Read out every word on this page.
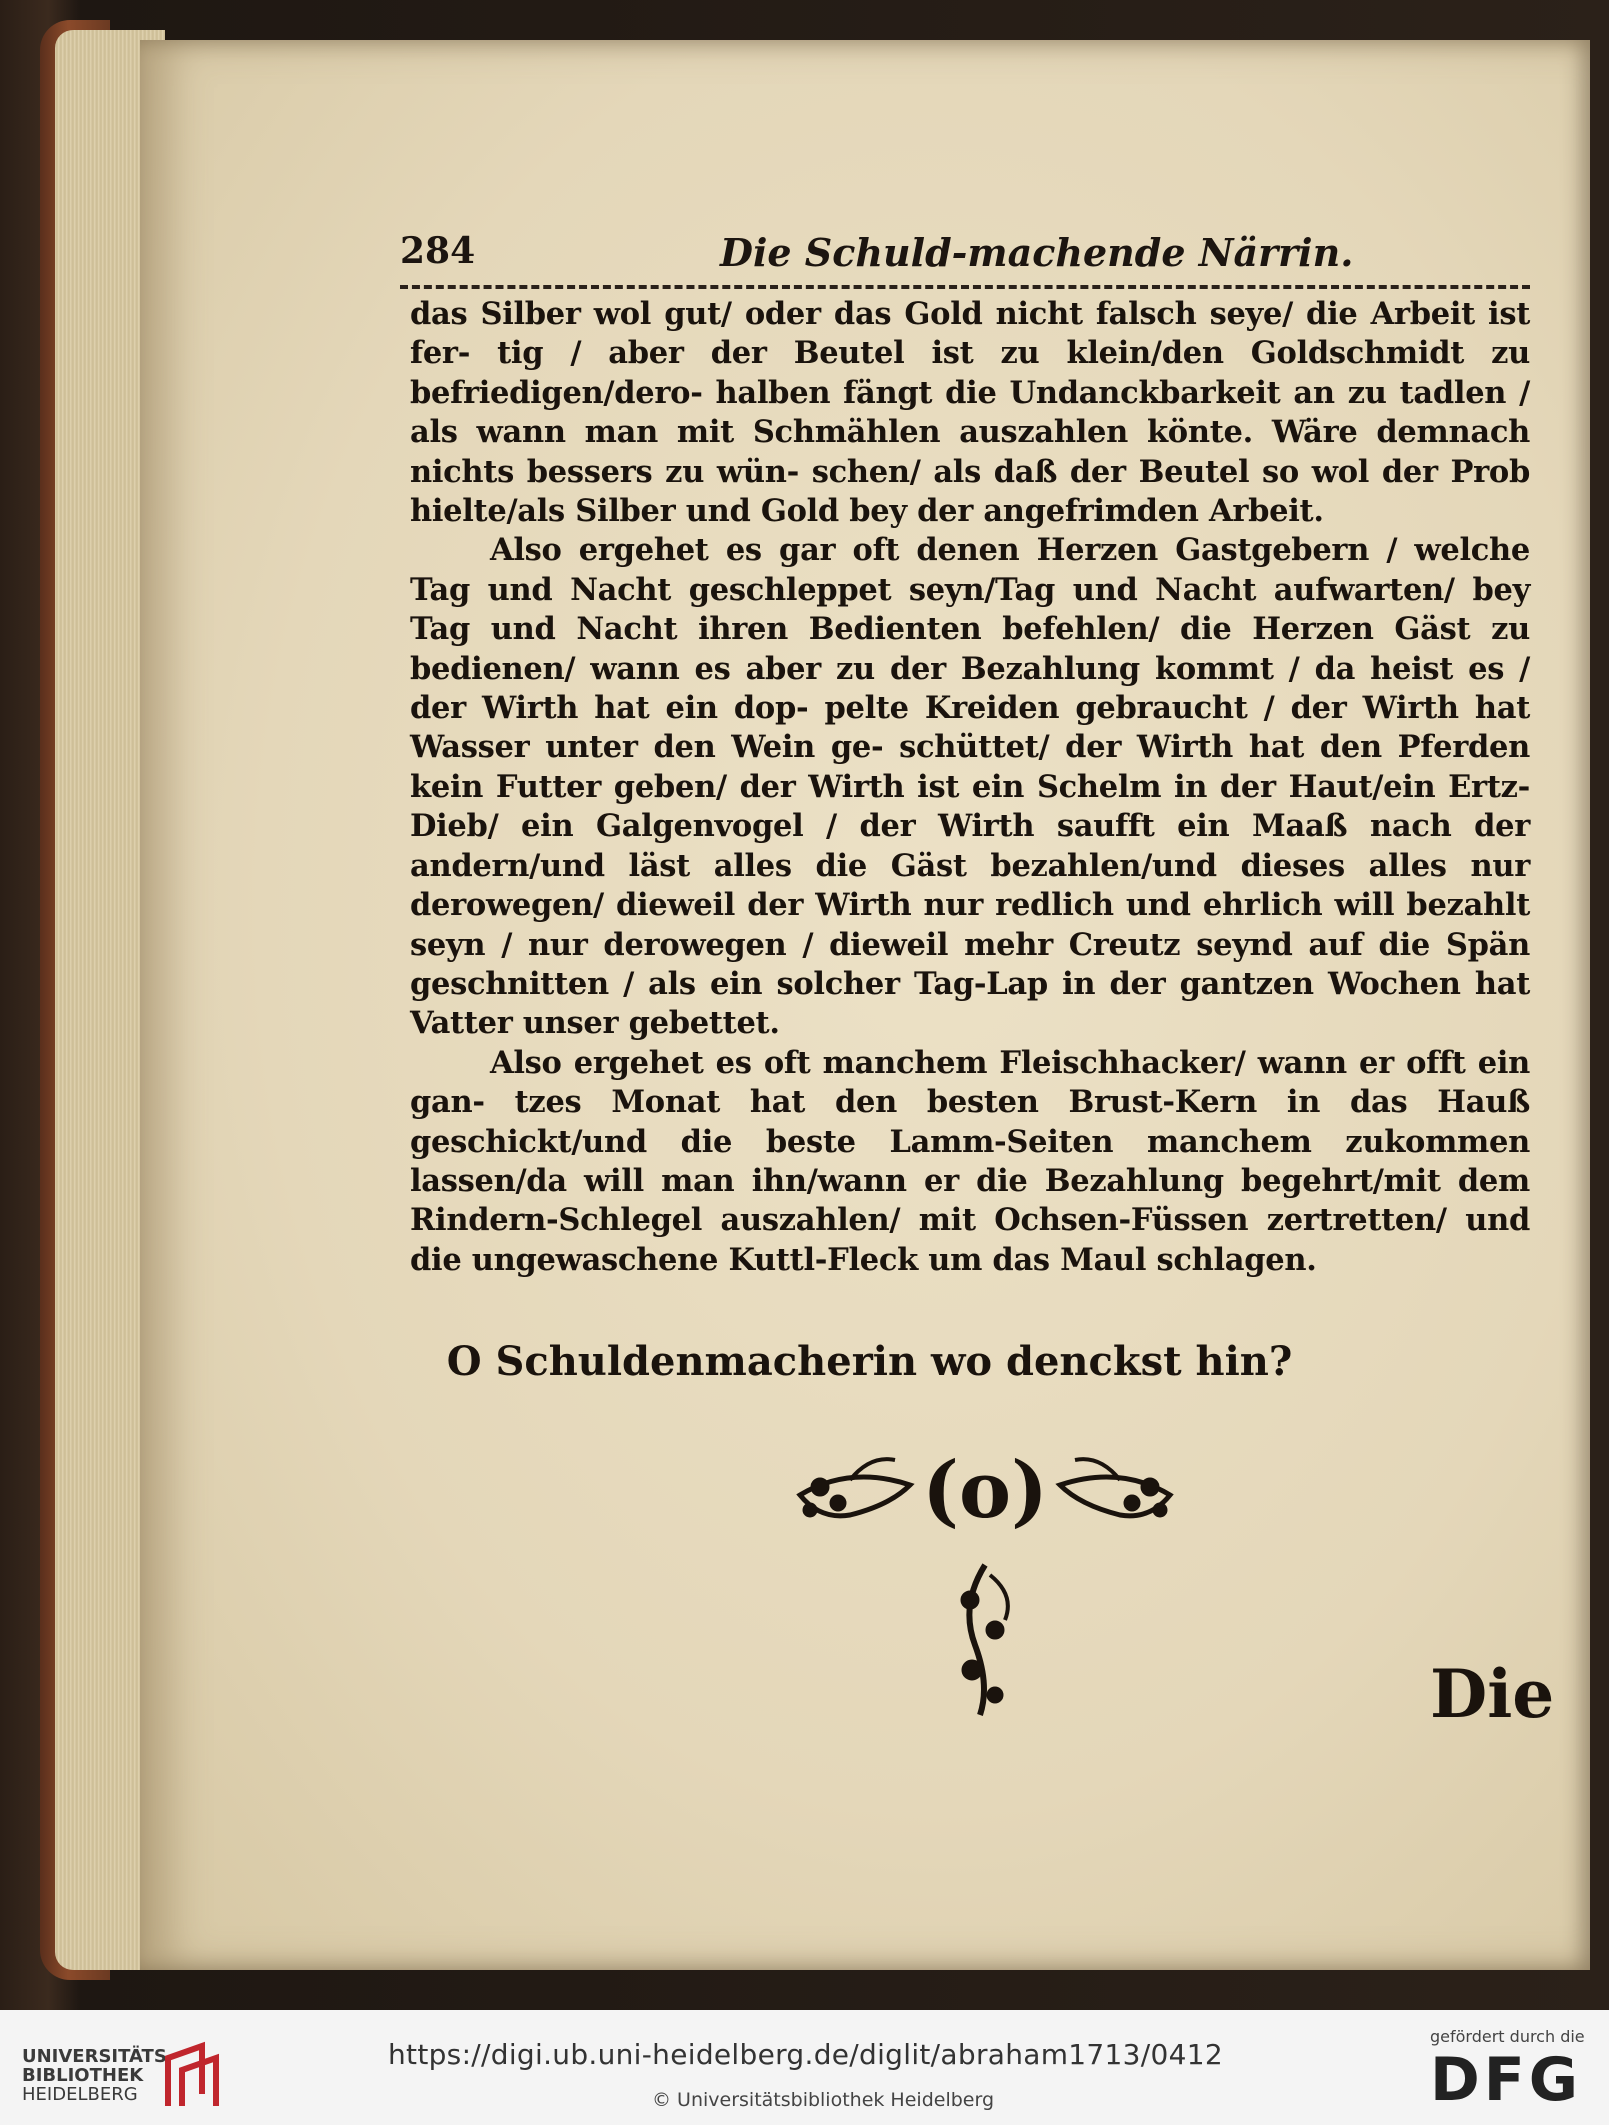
284	Die Schuld-machende Närrin.

das Silber wol gut/ oder das Gold nicht falsch seye/ die Arbeit ist fer- tig / aber der Beutel ist zu klein/den Goldschmidt zu befriedigen/dero- halben fängt die Undanckbarkeit an zu tadlen / als wann man mit Schmählen auszahlen könte. Wäre demnach nichts bessers zu wün- schen/ als daß der Beutel so wol der Prob hielte/als Silber und Gold bey der angefrimden Arbeit.

Also ergehet es gar oft denen Herzen Gastgebern / welche Tag und Nacht geschleppet seyn/Tag und Nacht aufwarten/ bey Tag und Nacht ihren Bedienten befehlen/ die Herzen Gäst zu bedienen/ wann es aber zu der Bezahlung kommt / da heist es / der Wirth hat ein dop- pelte Kreiden gebraucht / der Wirth hat Wasser unter den Wein ge- schüttet/ der Wirth hat den Pferden kein Futter geben/ der Wirth ist ein Schelm in der Haut/ein Ertz-Dieb/ ein Galgenvogel / der Wirth saufft ein Maaß nach der andern/und läst alles die Gäst bezahlen/und dieses alles nur derowegen/ dieweil der Wirth nur redlich und ehrlich will bezahlt seyn / nur derowegen / dieweil mehr Creutz seynd auf die Spän geschnitten / als ein solcher Tag-Lap in der gantzen Wochen hat Vatter unser gebettet.

Also ergehet es oft manchem Fleischhacker/ wann er offt ein gan- tzes Monat hat den besten Brust-Kern in das Hauß geschickt/und die beste Lamm-Seiten manchem zukommen lassen/da will man ihn/wann er die Bezahlung begehrt/mit dem Rindern-Schlegel auszahlen/ mit Ochsen-Füssen zertretten/ und die ungewaschene Kuttl-Fleck um das Maul schlagen.

O Schuldenmacherin wo denckst hin?
(o)
Die
UNIVERSITÄTS-
BIBLIOTHEK
HEIDELBERG
https://digi.ub.uni-heidelberg.de/diglit/abraham1713/0412
© Universitätsbibliothek Heidelberg
gefördert durch die
DFG
